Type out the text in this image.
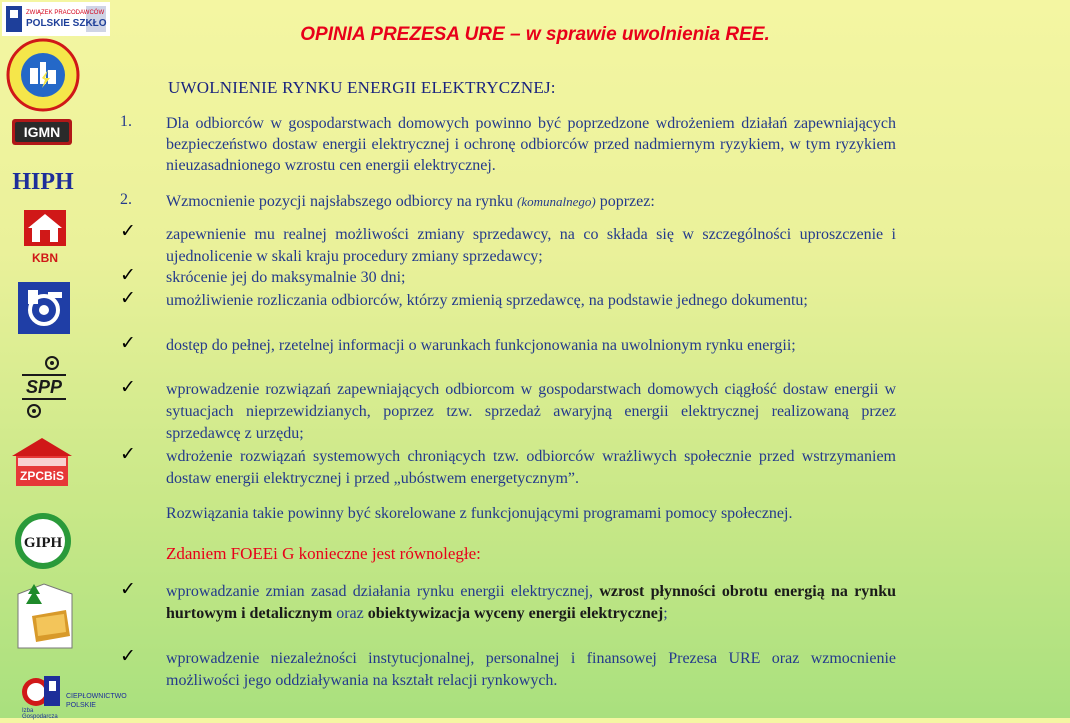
ZWIĄZEK PRACODAWCÓW
POLSKIE SZKŁO
IGMN
HIPH
KBN
SPP
ZPCBiS
GIPH
CIEPŁOWNICTWO
POLSKIE
Izba
Gospodarcza
OPINIA PREZESA URE – w sprawie uwolnienia REE.
UWOLNIENIE RYNKU ENERGII ELEKTRYCZNEJ:
1. Dla odbiorców w gospodarstwach domowych powinno być poprzedzone wdrożeniem działań zapewniających bezpieczeństwo dostaw energii elektrycznej i ochronę odbiorców przed nadmiernym ryzykiem, w tym ryzykiem nieuzasadnionego wzrostu cen energii elektrycznej.
2. Wzmocnienie pozycji najsłabszego odbiorcy na rynku (komunalnego) poprzez:
✓ zapewnienie mu realnej możliwości zmiany sprzedawcy, na co składa się w szczególności uproszczenie i ujednolicenie w skali kraju procedury zmiany sprzedawcy;
✓ skrócenie jej do maksymalnie 30 dni;
✓ umożliwienie rozliczania odbiorców, którzy zmienią sprzedawcę, na podstawie jednego dokumentu;
✓ dostęp do pełnej, rzetelnej informacji o warunkach funkcjonowania na uwolnionym rynku energii;
✓ wprowadzenie rozwiązań zapewniających odbiorcom w gospodarstwach domowych ciągłość dostaw energii w sytuacjach nieprzewidzianych, poprzez tzw. sprzedaż awaryjną energii elektrycznej realizowaną przez sprzedawcę z urzędu;
✓ wdrożenie rozwiązań systemowych chroniących tzw. odbiorców wrażliwych społecznie przed wstrzymaniem dostaw energii elektrycznej i przed „ubóstwem energetycznym”.
Rozwiązania takie powinny być skorelowane z funkcjonującymi programami pomocy społecznej.
Zdaniem FOEEi G konieczne jest równoległe:
✓ wprowadzanie zmian zasad działania rynku energii elektrycznej, wzrost płynności obrotu energią na rynku hurtowym i detalicznym oraz obiektywizacja wyceny energii elektrycznej;
✓ wprowadzenie niezależności instytucjonalnej, personalnej i finansowej Prezesa URE oraz wzmocnienie możliwości jego oddziaływania na kształt relacji rynkowych.
